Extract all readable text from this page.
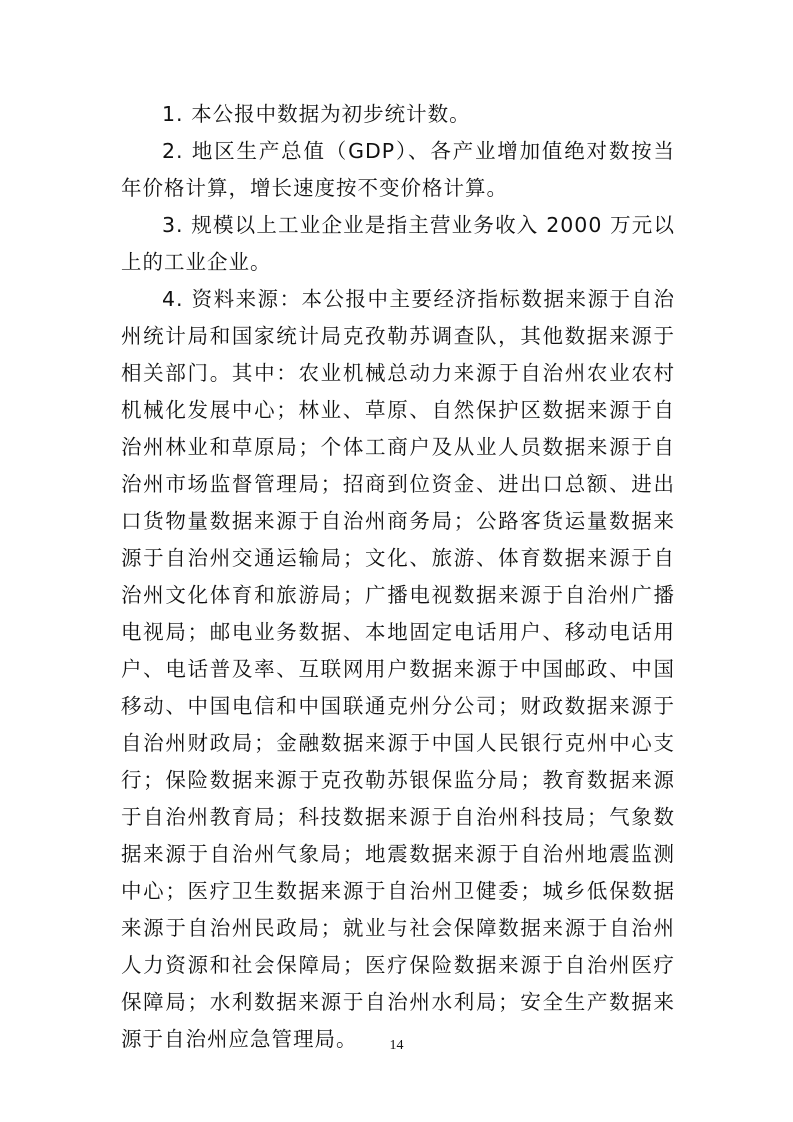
1. 本公报中数据为初步统计数。

2. 地区生产总值（GDP）、各产业增加值绝对数按当年价格计算，增长速度按不变价格计算。

3. 规模以上工业企业是指主营业务收入 2000 万元以上的工业企业。

4. 资料来源：本公报中主要经济指标数据来源于自治州统计局和国家统计局克孜勒苏调查队，其他数据来源于相关部门。其中：农业机械总动力来源于自治州农业农村机械化发展中心；林业、草原、自然保护区数据来源于自治州林业和草原局；个体工商户及从业人员数据来源于自治州市场监督管理局；招商到位资金、进出口总额、进出口货物量数据来源于自治州商务局；公路客货运量数据来源于自治州交通运输局；文化、旅游、体育数据来源于自治州文化体育和旅游局；广播电视数据来源于自治州广播电视局；邮电业务数据、本地固定电话用户、移动电话用户、电话普及率、互联网用户数据来源于中国邮政、中国移动、中国电信和中国联通克州分公司；财政数据来源于自治州财政局；金融数据来源于中国人民银行克州中心支行；保险数据来源于克孜勒苏银保监分局；教育数据来源于自治州教育局；科技数据来源于自治州科技局；气象数据来源于自治州气象局；地震数据来源于自治州地震监测中心；医疗卫生数据来源于自治州卫健委；城乡低保数据来源于自治州民政局；就业与社会保障数据来源于自治州人力资源和社会保障局；医疗保险数据来源于自治州医疗保障局；水利数据来源于自治州水利局；安全生产数据来源于自治州应急管理局。	14
